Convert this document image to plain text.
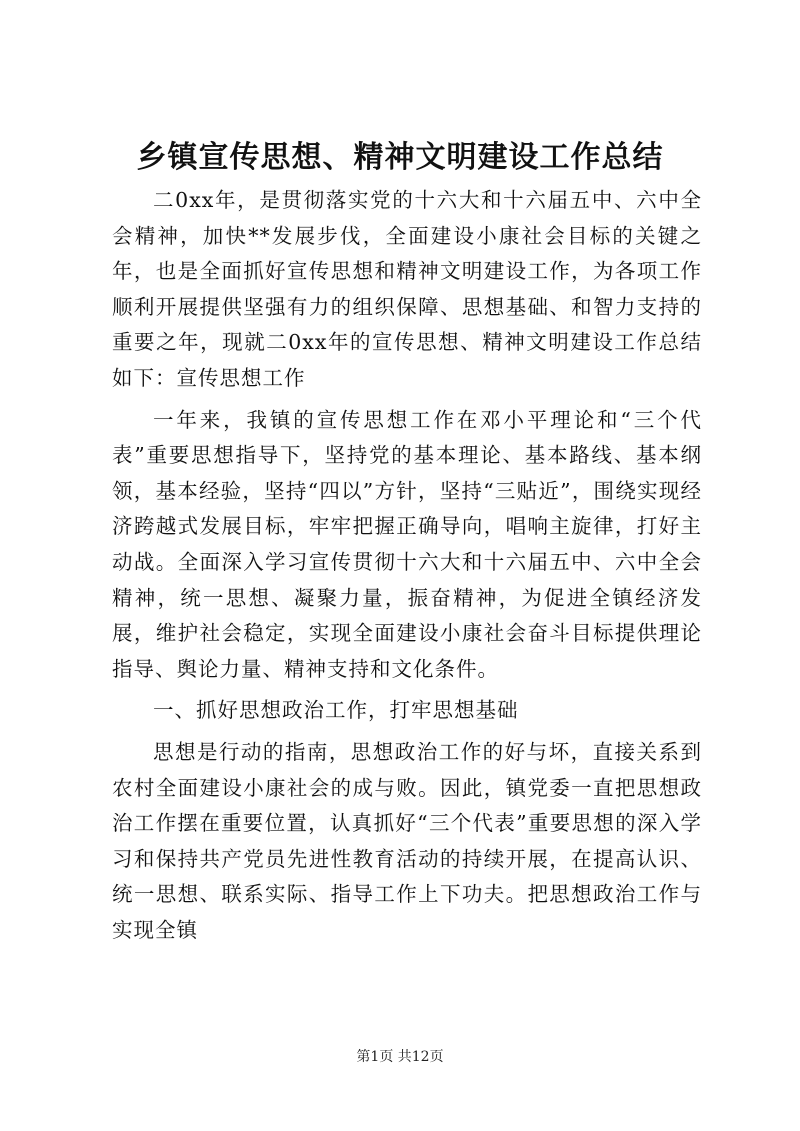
乡镇宣传思想、精神文明建设工作总结

二0xx年，是贯彻落实党的十六大和十六届五中、六中全会精神，加快**发展步伐，全面建设小康社会目标的关键之年，也是全面抓好宣传思想和精神文明建设工作，为各项工作顺利开展提供坚强有力的组织保障、思想基础、和智力支持的重要之年，现就二0xx年的宣传思想、精神文明建设工作总结如下：宣传思想工作

一年来，我镇的宣传思想工作在邓小平理论和“三个代表”重要思想指导下，坚持党的基本理论、基本路线、基本纲领，基本经验，坚持“四以”方针，坚持“三贴近”，围绕实现经济跨越式发展目标，牢牢把握正确导向，唱响主旋律，打好主动战。全面深入学习宣传贯彻十六大和十六届五中、六中全会精神，统一思想、凝聚力量，振奋精神，为促进全镇经济发展，维护社会稳定，实现全面建设小康社会奋斗目标提供理论指导、舆论力量、精神支持和文化条件。

一、抓好思想政治工作，打牢思想基础

思想是行动的指南，思想政治工作的好与坏，直接关系到农村全面建设小康社会的成与败。因此，镇党委一直把思想政治工作摆在重要位置，认真抓好“三个代表”重要思想的深入学习和保持共产党员先进性教育活动的持续开展，在提高认识、统一思想、联系实际、指导工作上下功夫。把思想政治工作与实现全镇

第1页 共12页
